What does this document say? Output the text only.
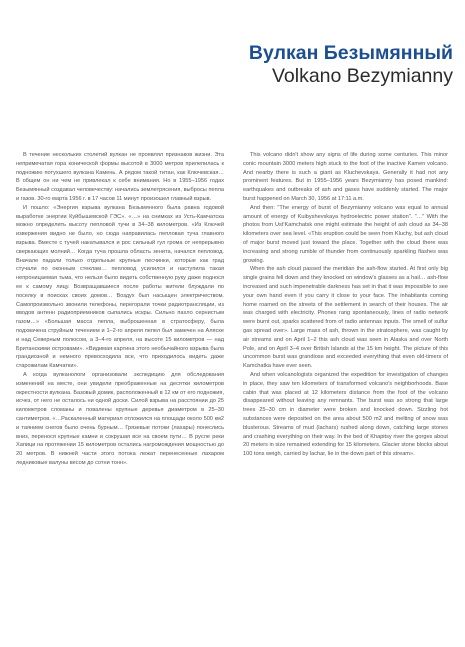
Вулкан Безымянный
Volkano Bezymianny

В течение нескольких столетий вулкан не проявлял признаков жизни. Эта непримечатая гора конической формы высотой в 3000 метров прилепилась к подножию потухшего вулкана Камень. А рядом такой титан, как Ключевская… В общем он ни чем не привлекал к себе внимания. Но в 1955–1956 годах Безымянный создавал человечеству: начались землетрясения, выбросы пепла и газов. 30-го марта 1956 г. в 17 часов 11 минут произошел главный взрыв.

И пошло: «Энергия взрыва вулкана Безымянного была равна годовой выработке энергии Куйбышевской ГЭС». «…» на снимках из Усть-Камчатска можно определить высоту пепловой тучи в 34–38 километров. «Из Ключей извержения видно не было, но сюда направилась пепловая туча главного взрыва. Вместе с тучей накатывался и рос сильный гул грома от непрерывно сверкающих молний… Когда туча прошла область зенита, начался пепловод. Вначале падали только отдельные крупные песчинки, которые как град стучали по оконным стеклам… пепловод усилился и наступила такая непроницаемая тьма, что нельзя было видеть собственную руку даже поднося ее к самому лицу. Возвращавшиеся после работы жители блуждали по поселку в поисках своих домов… Воздух был насыщен электричеством. Самопроизвольно звонили телефоны, перегорали точки радиотрансляции, из вводов антенн радиоприемников сыпались искры. Сильно пахло сернистым газом…» «Большая масса пепла, выброшенная в стратосферу, была подхвачена струйным течением и 1–2-го апреля пепел был замечен на Аляске и над Северным полюсом, а 3–4-го апреля, на высоте 15 километров — над Британскими островами». «Видимая картина этого необычайного взрыва была грандиозной и немного превосходила все, что приходилось видеть даже старожилам Камчатки».

А когда вулканологи организовали экспедицию для обследования изменений на месте, они увидели преображенные на десятки километров окрестности вулкана. Базовый домик, расположенный в 12 км от его подножия, исчез, от него не осталось ни одной доски. Силой взрыва на расстоянии до 25 километров сломаны и повалены крупные деревья диаметром в 25–30 сантиметров. «…Раскаленный материал отложился на площади около 500 км2 и таянием снегов было очень бурным… Грязевые потоки (лахары) понеслись вниз, перенося крупные камни и сокрушая все на своем пути… В русле реки Хапици на протяжении 15 километров остались нагромождения мощностью до 20 метров. В нижней части этого потока лежат перенесенные лахаром ледниковые валуны весом до сотни тонн».

This volcano didn't show any signs of life during some centuries. This minor conic mountain 3000 meters high stuck to the foot of the inactive Kamen volcano. And nearby there is such a giant as Kluchevskaya. Generally it had not any prominent features. But in 1955–1956 years Bezymianny has posed mankind: earthquakes and outbreaks of ash and gases have suddenly started. The major burst happened on March 30, 1956 at 17:11 a.m.

And then: "The energy of burst of Bezymianny volcano was equal to annual amount of energy of Kuibyshevskaya hydroelectric power station". "…" With the photos from Ust'Kamchatsk one might estimate the height of ash cloud as 34–38 kilometers over sea level. «This eruption could be seen from Kluchy, but ash cloud of major burst moved just toward the place. Together with the cloud there was increasing and strong rumble of thunder from continuously sparkling flashes was growing.

When the ash cloud passed the meridian the ash-flow started. At first only big single grains fell down and they knocked on window's glasses as a hail… ash-flow increased and such impenetrable darkness has set in that it was impossible to see your own hand even if you carry it close to your face. The inhabitants coming home roamed on the streets of the settlement in search of their houses. The air was charged with electricity. Phones rang spontaneously, lines of radio network were burnt out, sparks scattered from of radio antennas inputs. The smell of sulfur gas spread over». Large mass of ash, thrown in the stratosphere, was caught by air streams and on April 1–2 this ash cloud was seen in Alaska and over North Pole, and on April 3–4 over British Islands at the 15 km height. The picture of this uncommon burst was grandiose and exceeded everything that even old-timers of Kamchatka have ever seen.

And when volcanologists organized the expedition for investigation of changes in place, they saw ten kilometers of transformed volcano's neighborhoods. Base cabin that was placed at 12 kilometers distance from the foot of the volcano disappeared without leaving any remnants. The burst was so strong that large trees 25–30 cm in diameter were broken and knocked down. Sizzling hot substances were deposited on the area about 500 m2 and melting of snow was blusterous. Streams of mud (lachars) rushed along down, catching large stones and crashing everything on their way. In the bed of Khapitsy river the gorges about 20 meters in size remained extending for 15 kilometers. Glacier stone blocks about 100 tons weigh, carried by lachar, lie in the down part of this stream».
